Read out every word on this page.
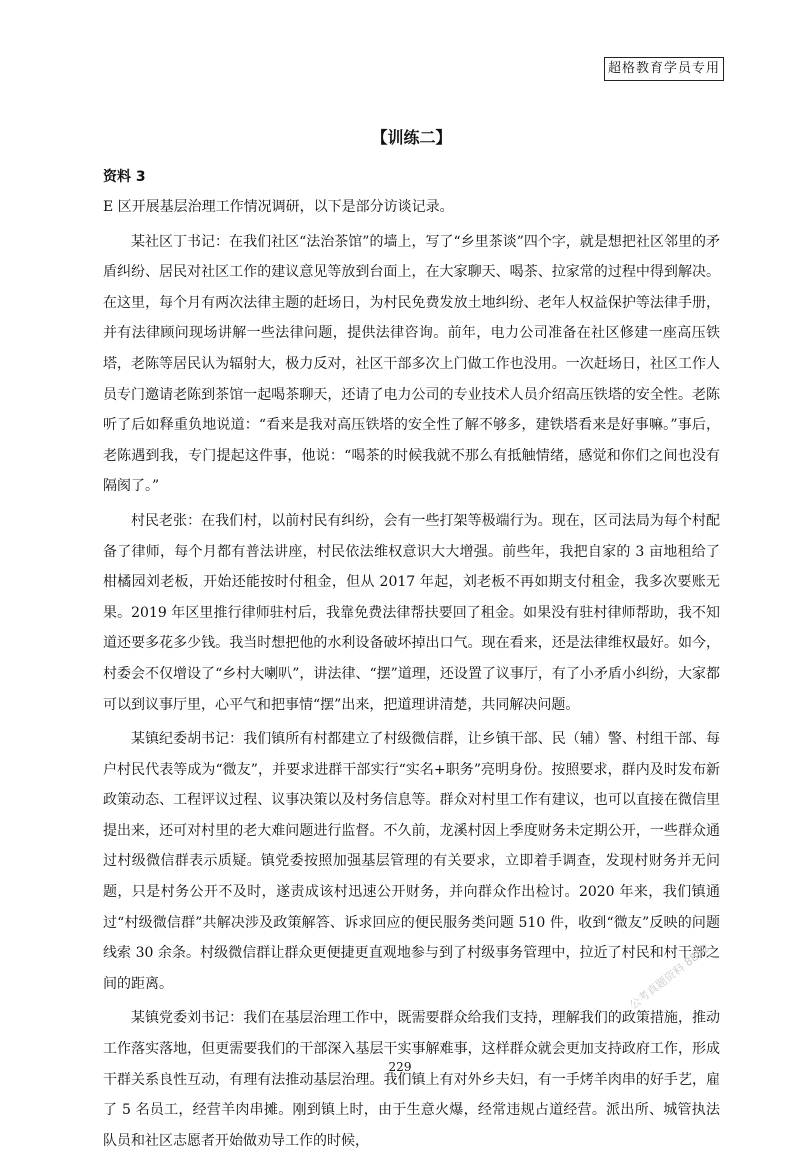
超格教育学员专用
【训练二】
资料 3

E 区开展基层治理工作情况调研，以下是部分访谈记录。

某社区丁书记：在我们社区“法治茶馆”的墙上，写了“乡里茶谈”四个字，就是想把社区邻里的矛盾纠纷、居民对社区工作的建议意见等放到台面上，在大家聊天、喝茶、拉家常的过程中得到解决。在这里，每个月有两次法律主题的赶场日，为村民免费发放土地纠纷、老年人权益保护等法律手册，并有法律顾问现场讲解一些法律问题，提供法律咨询。前年，电力公司准备在社区修建一座高压铁塔，老陈等居民认为辐射大，极力反对，社区干部多次上门做工作也没用。一次赶场日，社区工作人员专门邀请老陈到茶馆一起喝茶聊天，还请了电力公司的专业技术人员介绍高压铁塔的安全性。老陈听了后如释重负地说道：“看来是我对高压铁塔的安全性了解不够多，建铁塔看来是好事嘛。”事后，老陈遇到我，专门提起这件事，他说：“喝茶的时候我就不那么有抵触情绪，感觉和你们之间也没有隔阂了。”

村民老张：在我们村，以前村民有纠纷，会有一些打架等极端行为。现在，区司法局为每个村配备了律师，每个月都有普法讲座，村民依法维权意识大大增强。前些年，我把自家的 3 亩地租给了柑橘园刘老板，开始还能按时付租金，但从 2017 年起，刘老板不再如期支付租金，我多次要账无果。2019 年区里推行律师驻村后，我靠免费法律帮扶要回了租金。如果没有驻村律师帮助，我不知道还要多花多少钱。我当时想把他的水利设备破坏掉出口气。现在看来，还是法律维权最好。如今，村委会不仅增设了“乡村大喇叭”，讲法律、“摆”道理，还设置了议事厅，有了小矛盾小纠纷，大家都可以到议事厅里，心平气和把事情“摆”出来，把道理讲清楚，共同解决问题。

某镇纪委胡书记：我们镇所有村都建立了村级微信群，让乡镇干部、民（辅）警、村组干部、每户村民代表等成为“微友”，并要求进群干部实行“实名+职务”亮明身份。按照要求，群内及时发布新政策动态、工程评议过程、议事决策以及村务信息等。群众对村里工作有建议，也可以直接在微信里提出来，还可对村里的老大难问题进行监督。不久前，龙溪村因上季度财务未定期公开，一些群众通过村级微信群表示质疑。镇党委按照加强基层管理的有关要求，立即着手调查，发现村财务并无问题，只是村务公开不及时，遂责成该村迅速公开财务，并向群众作出检讨。2020 年来，我们镇通过“村级微信群”共解决涉及政策解答、诉求回应的便民服务类问题 510 件，收到“微友”反映的问题线索 30 余条。村级微信群让群众更便捷更直观地参与到了村级事务管理中，拉近了村民和村干部之间的距离。

某镇党委刘书记：我们在基层治理工作中，既需要群众给我们支持，理解我们的政策措施，推动工作落实落地，但更需要我们的干部深入基层干实事解难事，这样群众就会更加支持政府工作，形成干群关系良性互动，有理有法推动基层治理。我们镇上有对外乡夫妇，有一手烤羊肉串的好手艺，雇了 5 名员工，经营羊肉串摊。刚到镇上时，由于生意火爆，经常违规占道经营。派出所、城管执法队员和社区志愿者开始做劝导工作的时候，

公考真题资料 8862
229
